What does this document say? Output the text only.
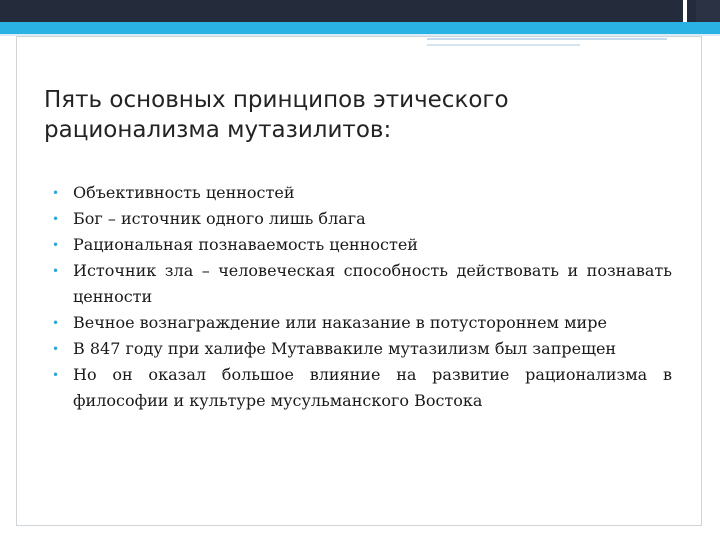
Пять основных принципов этического
рационализма мутазилитов:
• Объективность ценностей
• Бог – источник одного лишь блага
• Рациональная познаваемость ценностей
• Источник зла – человеческая способность действовать и познавать ценности
• Вечное вознаграждение или наказание в потустороннем мире
• В 847 году при халифе Мутаввакиле мутазилизм был запрещен
• Но он оказал большое влияние на развитие рационализма в философии и культуре мусульманского Востока
